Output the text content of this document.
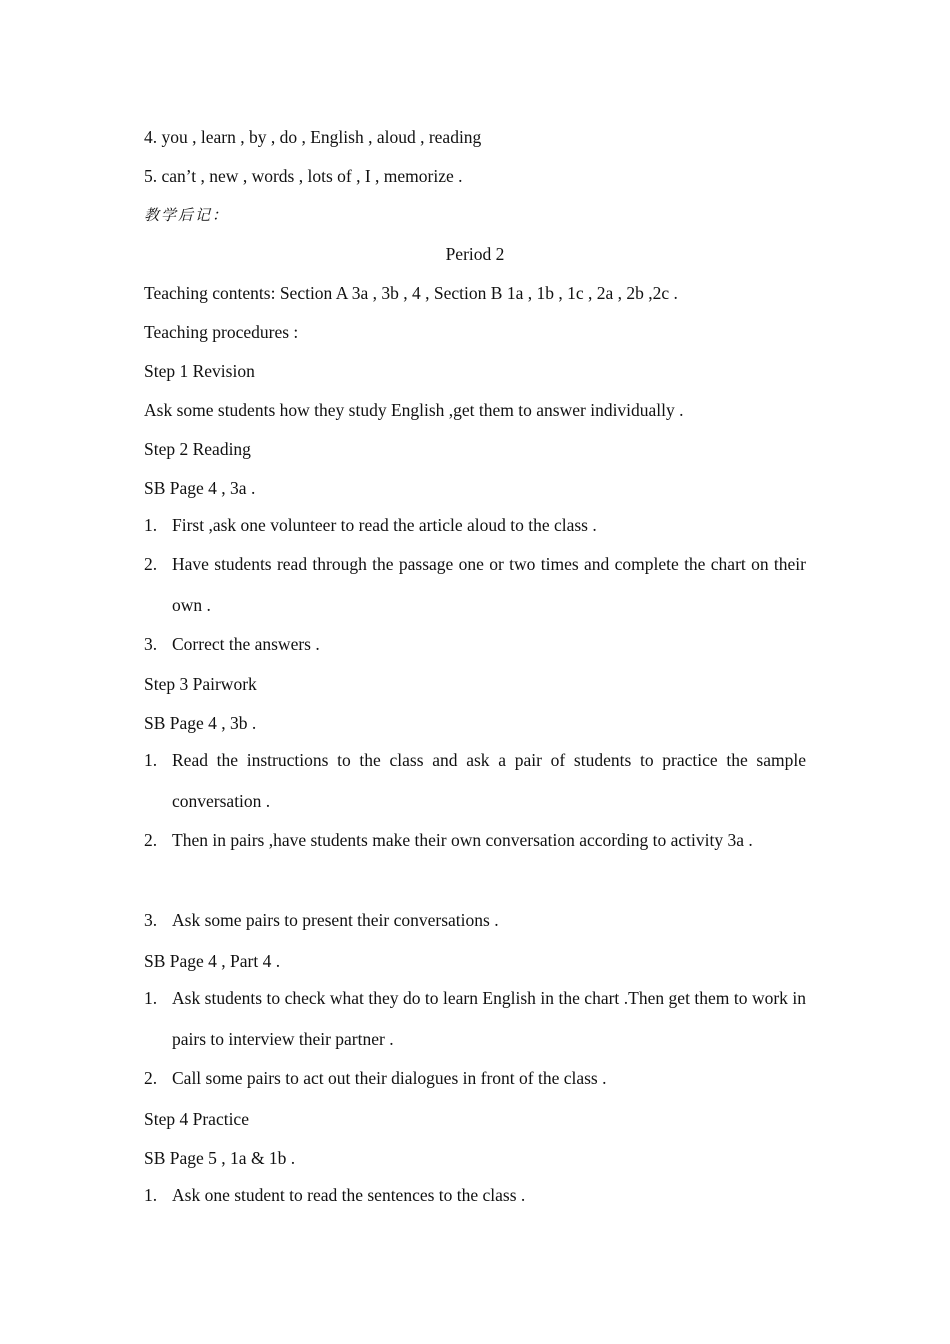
4. you , learn , by , do , English , aloud , reading
5. can’t , new , words , lots of , I , memorize .
教学后记：
Period 2
Teaching contents: Section A 3a , 3b , 4 , Section B 1a , 1b , 1c , 2a , 2b ,2c .
Teaching procedures :
Step 1 Revision
Ask some students how they study English ,get them to answer individually .
Step 2 Reading
SB Page 4 , 3a .
1. First ,ask one volunteer to read the article aloud to the class .
2. Have students read through the passage one or two times and complete the chart on their own .
3. Correct the answers .
Step 3 Pairwork
SB Page 4 , 3b .
1. Read the instructions to the class and ask a pair of students to practice the sample conversation .
2. Then in pairs ,have students make their own conversation according to activity 3a .
3. Ask some pairs to present their conversations .
SB Page 4 , Part 4 .
1. Ask students to check what they do to learn English in the chart .Then get them to work in pairs to interview their partner .
2. Call some pairs to act out their dialogues in front of the class .
Step 4 Practice
SB Page 5 , 1a & 1b .
1. Ask one student to read the sentences to the class .
